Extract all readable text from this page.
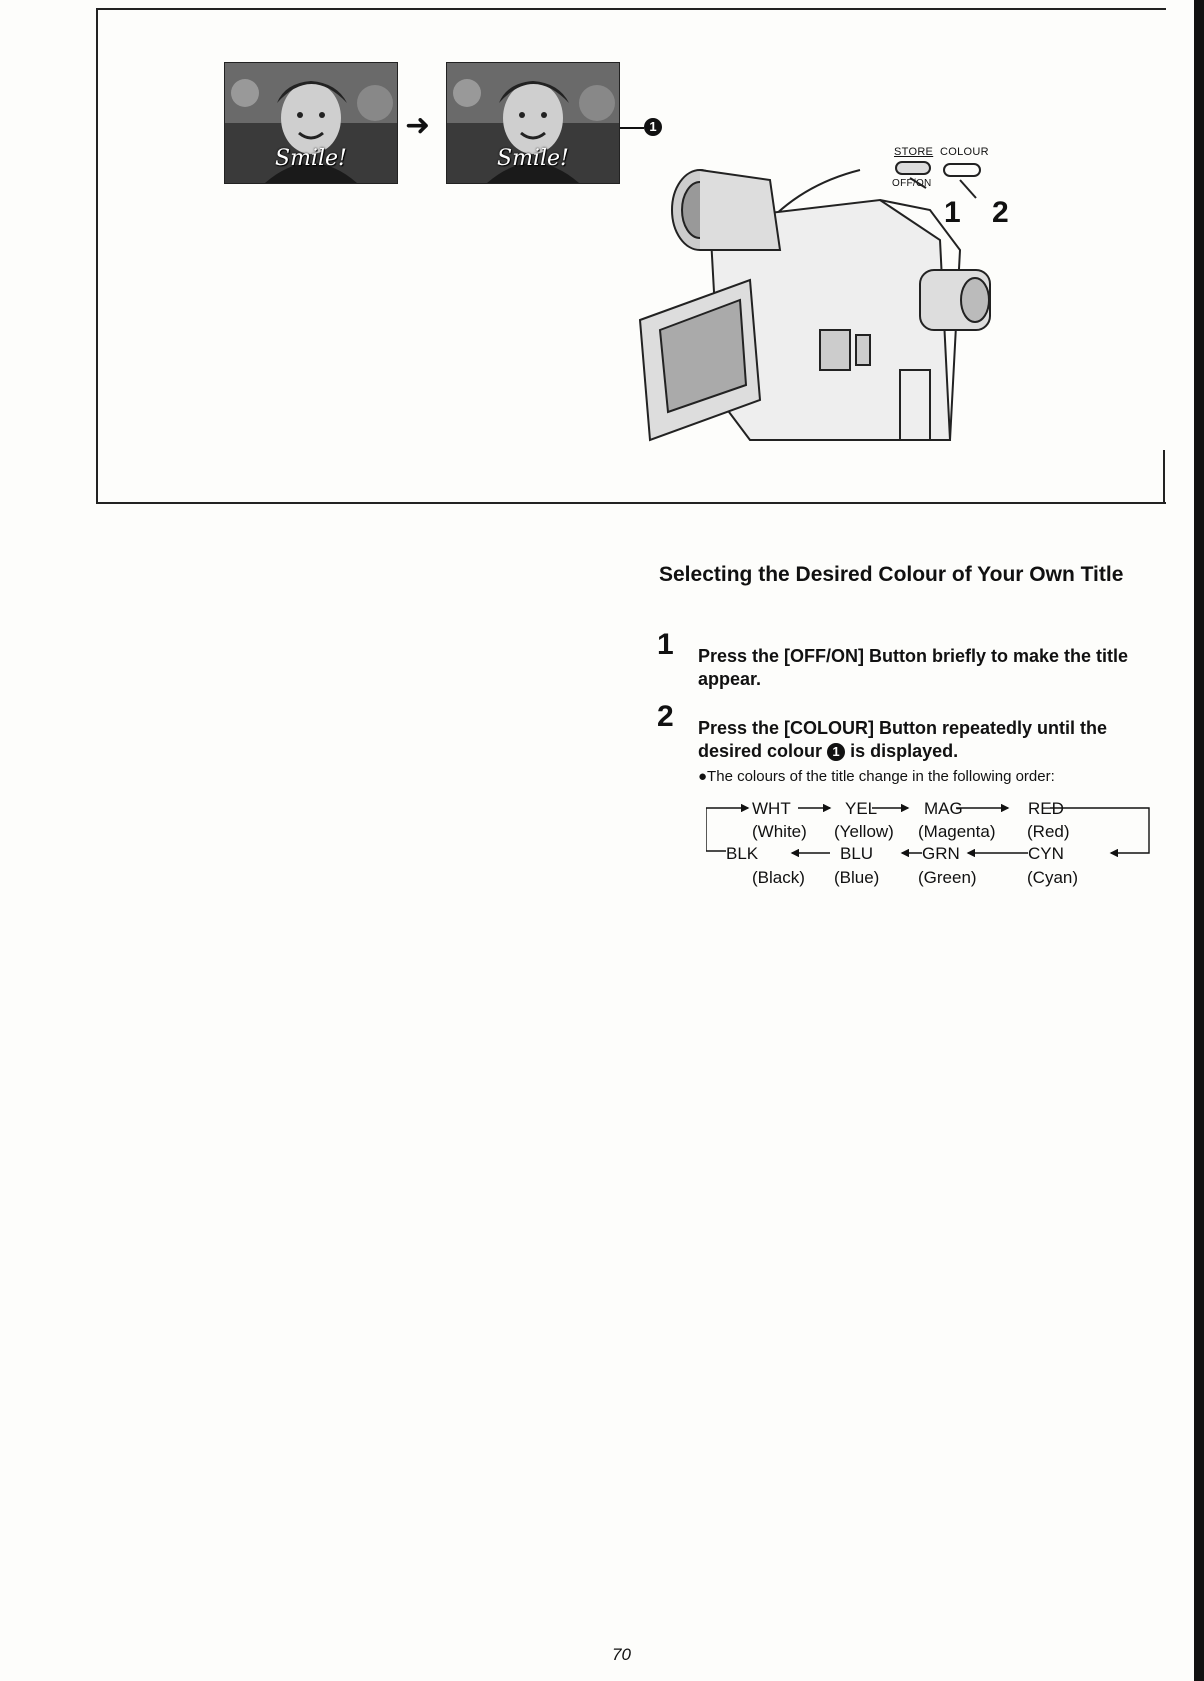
Smile!
➜
Smile!
1
STORE COLOUR
OFF/ON
1 2
Selecting the Desired Colour of Your Own Title
1 Press the [OFF/ON] Button briefly to make the title appear.
2 Press the [COLOUR] Button repeatedly until the desired colour 1 is displayed.
●The colours of the title change in the following order:
WHT	YEL	MAG	RED
(White) (Yellow) (Magenta) (Red)
BLK	BLU	GRN	CYN
(Black) (Blue) (Green)	(Cyan)
70
